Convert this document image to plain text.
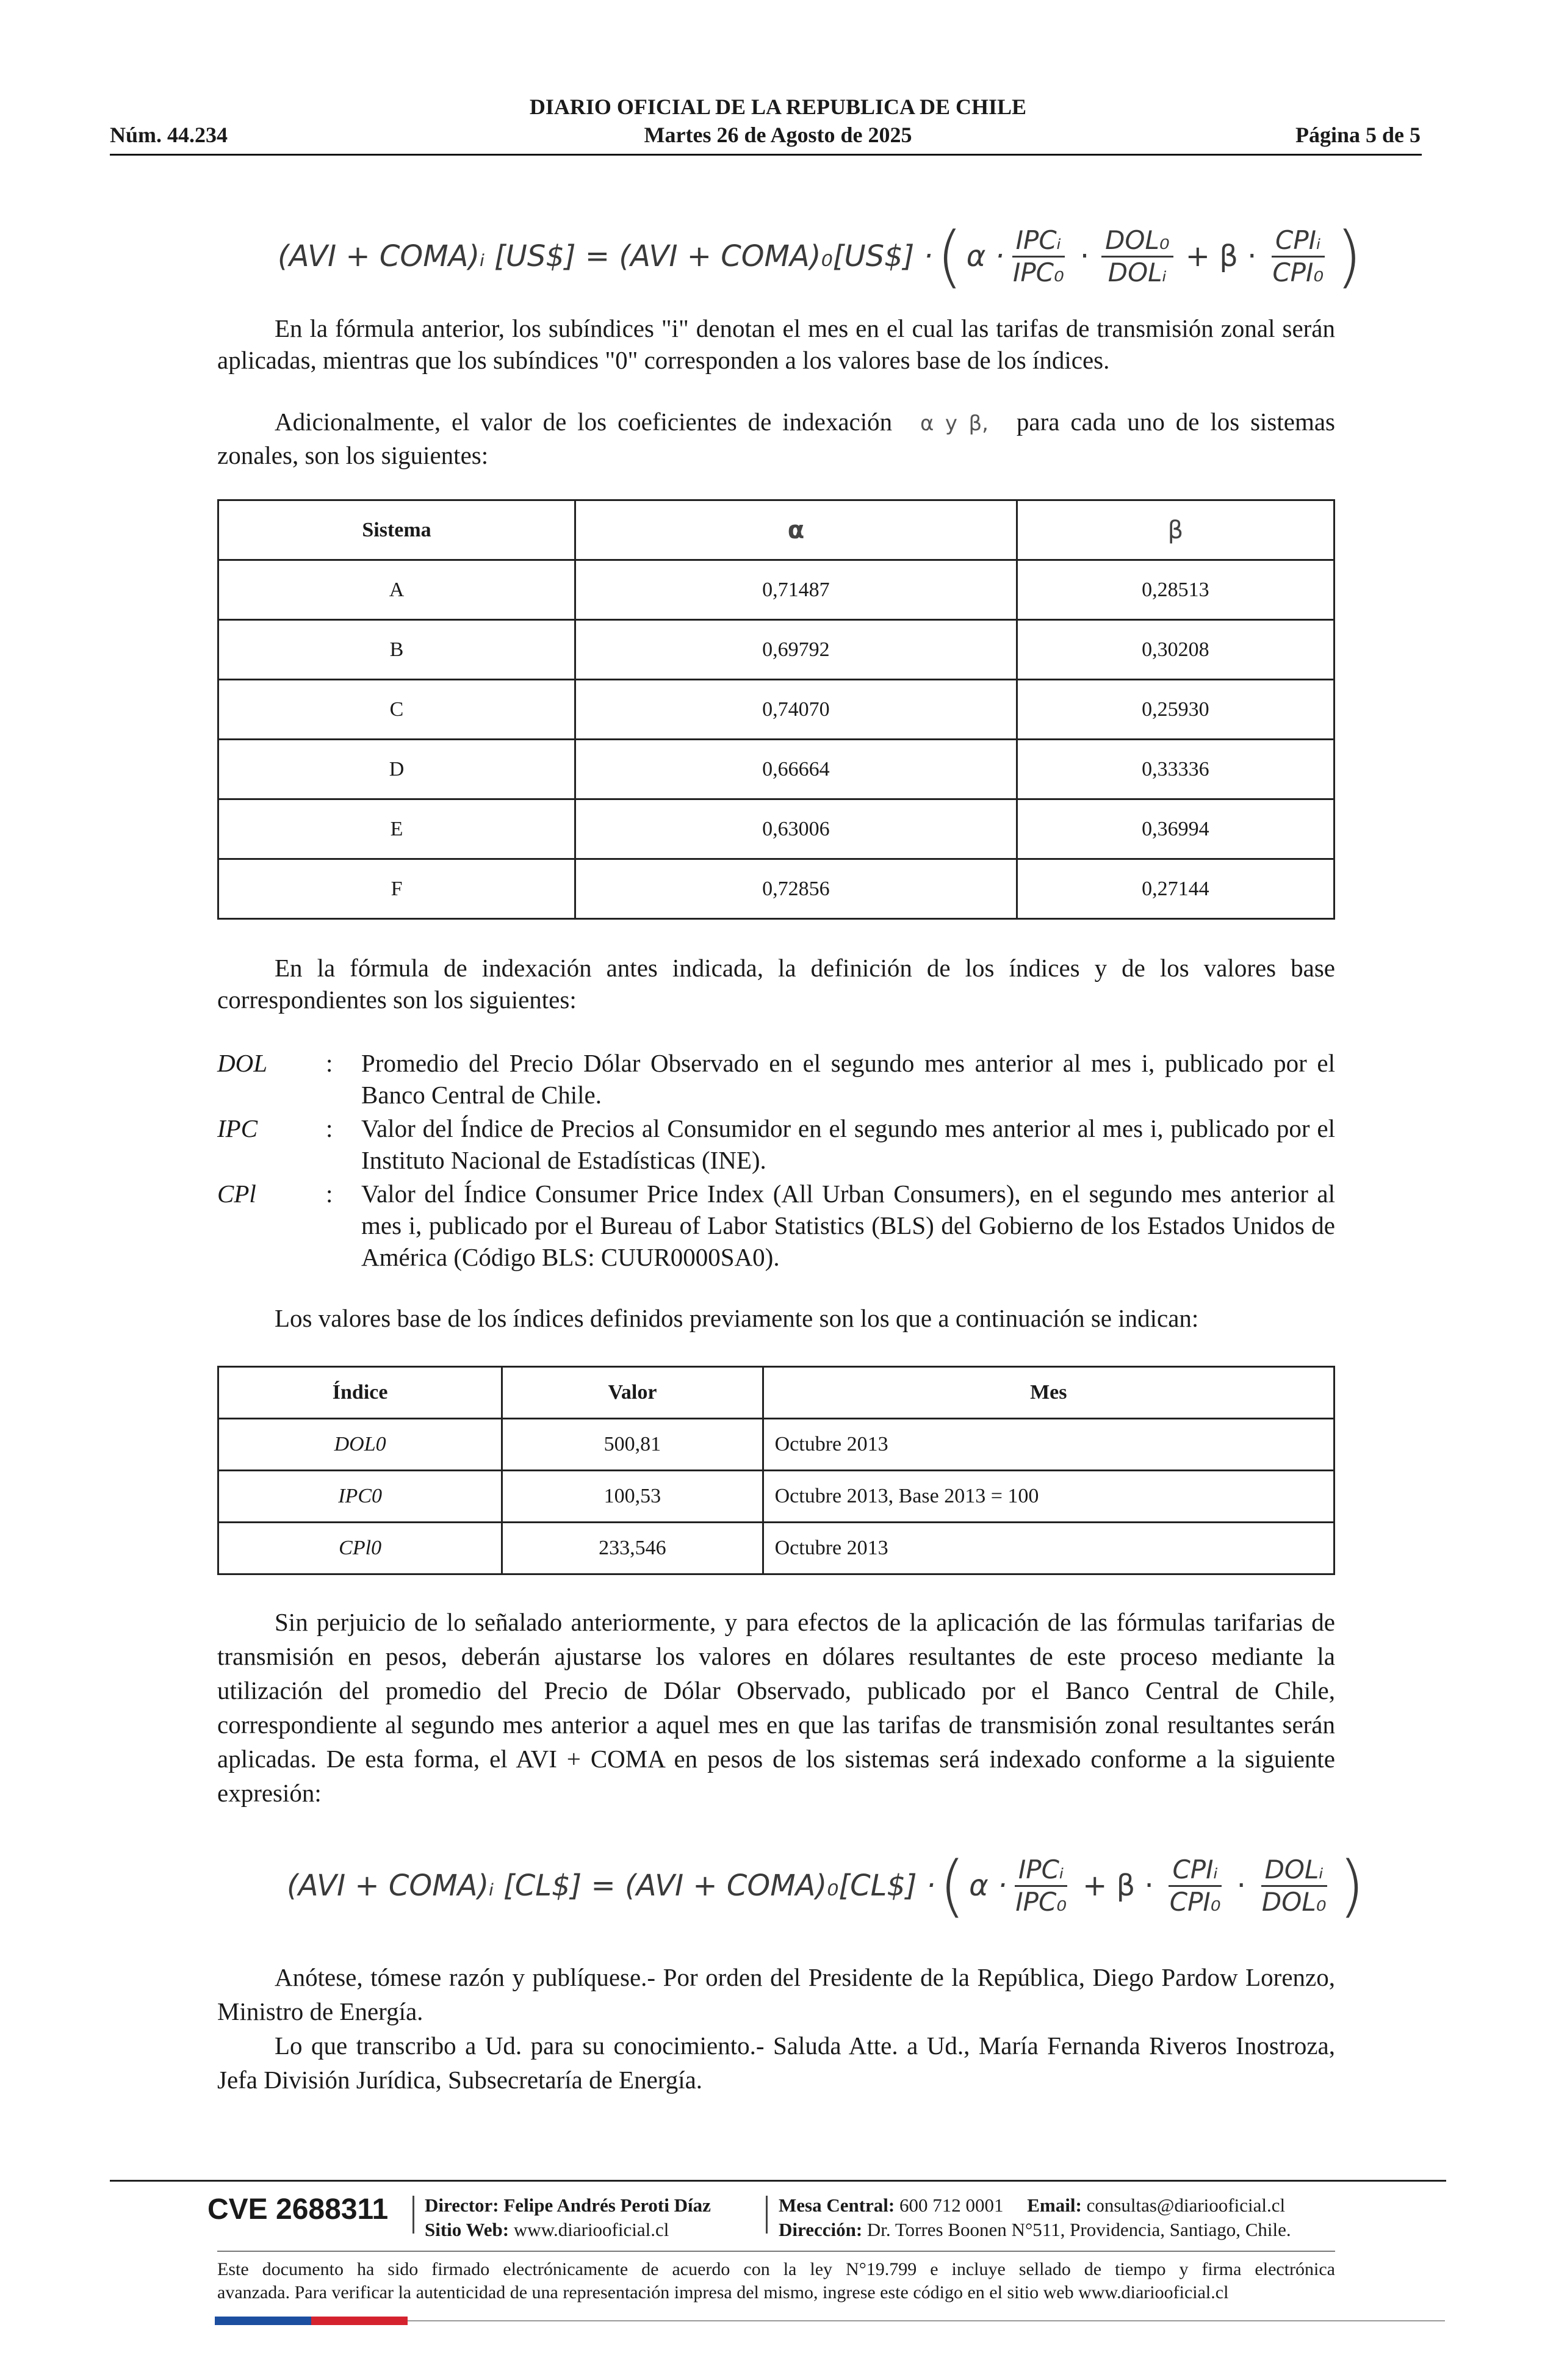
DIARIO OFICIAL DE LA REPUBLICA DE CHILE
Núm. 44.234	Martes 26 de Agosto de 2025	Página 5 de 5
(AVI + COMA)ᵢ [US$] = (AVI + COMA)₀[US$] · ( $\alpha \cdot \frac{\text{IPCᵢ}}{\text{IPC₀}} \cdot \frac{\text{DOL₀}}{\text{DOLᵢ}} + \beta \cdot \frac{\text{CPIᵢ}}{\text{CPI₀}}$ )
En la fórmula anterior, los subíndices "i" denotan el mes en el cual las tarifas de transmisión zonal serán aplicadas, mientras que los subíndices "0" corresponden a los valores base de los índices.
Adicionalmente, el valor de los coeficientes de indexación α y β, para cada uno de los sistemas zonales, son los siguientes:
Sistema	α	β
A	0,71487	0,28513
B	0,69792	0,30208
C	0,74070	0,25930
D	0,66664	0,33336
E	0,63006	0,36994
F	0,72856	0,27144
En la fórmula de indexación antes indicada, la definición de los índices y de los valores base correspondientes son los siguientes:
DOL : Promedio del Precio Dólar Observado en el segundo mes anterior al mes i, publicado por el Banco Central de Chile.
IPC	: Valor del Índice de Precios al Consumidor en el segundo mes anterior al mes i, publicado por el Instituto Nacional de Estadísticas (INE).
CPl	: Valor del Índice Consumer Price Index (All Urban Consumers), en el segundo mes anterior al mes i, publicado por el Bureau of Labor Statistics (BLS) del Gobierno de los Estados Unidos de América (Código BLS: CUUR0000SA0).
Los valores base de los índices definidos previamente son los que a continuación se indican:
Índice	Valor	Mes
DOL0	500,81	Octubre 2013
IPC0	100,53	Octubre 2013, Base 2013 = 100
CPl0	233,546	Octubre 2013
Sin perjuicio de lo señalado anteriormente, y para efectos de la aplicación de las fórmulas tarifarias de transmisión en pesos, deberán ajustarse los valores en dólares resultantes de este proceso mediante la utilización del promedio del Precio de Dólar Observado, publicado por el Banco Central de Chile, correspondiente al segundo mes anterior a aquel mes en que las tarifas de transmisión zonal resultantes serán aplicadas. De esta forma, el AVI + COMA en pesos de los sistemas será indexado conforme a la siguiente expresión:
(AVI + COMA)ᵢ [CL$] = (AVI + COMA)₀[CL$] · ( $\alpha \cdot \frac{\text{IPCᵢ}}{\text{IPC₀}} + \beta \cdot \frac{\text{CPIᵢ}}{\text{CPI₀}} \cdot \frac{\text{DOLᵢ}}{\text{DOL₀}}$ )
Anótese, tómese razón y publíquese.- Por orden del Presidente de la República, Diego Pardow Lorenzo, Ministro de Energía.
Lo que transcribo a Ud. para su conocimiento.- Saluda Atte. a Ud., María Fernanda Riveros Inostroza, Jefa División Jurídica, Subsecretaría de Energía.
CVE 2688311 Director: Felipe Andrés Peroti Díaz
Sitio Web: www.diariooficial.cl
Mesa Central: 600 712 0001 Email: consultas@diariooficial.cl
Dirección: Dr. Torres Boonen N°511, Providencia, Santiago, Chile.
Este documento ha sido firmado electrónicamente de acuerdo con la ley N°19.799 e incluye sellado de tiempo y firma electrónica
avanzada. Para verificar la autenticidad de una representación impresa del mismo, ingrese este código en el sitio web www.diariooficial.cl
